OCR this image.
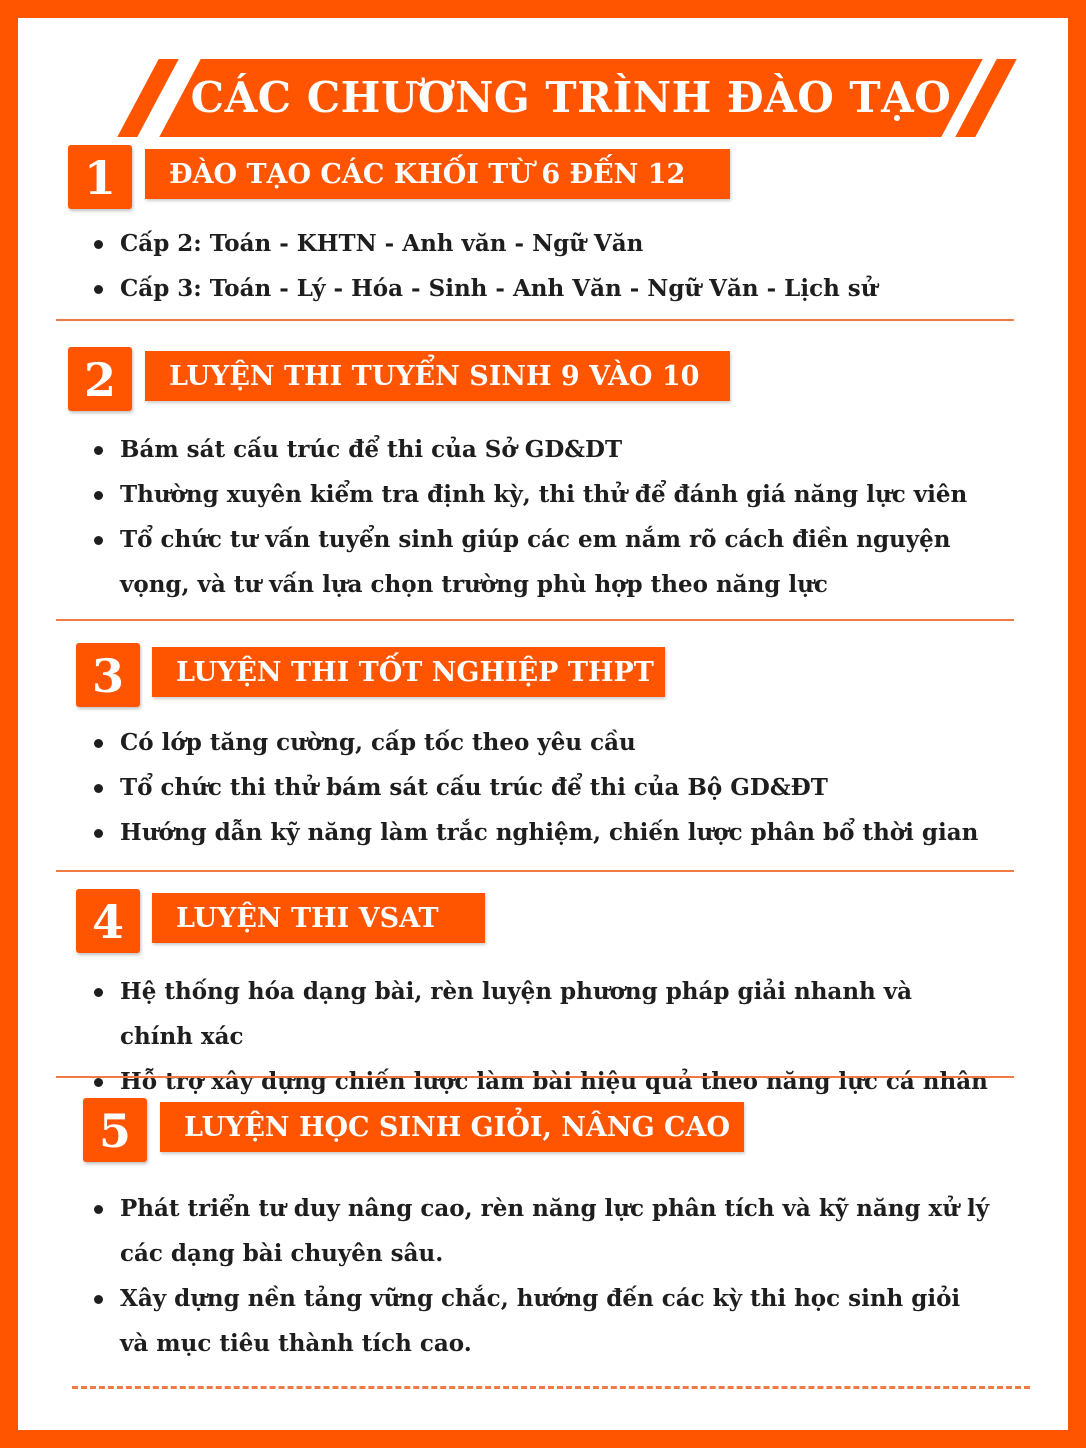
CÁC CHƯƠNG TRÌNH ĐÀO TẠO
1	ĐÀO TẠO CÁC KHỐI TỪ 6 ĐẾN 12
Cấp 2: Toán - KHTN - Anh văn - Ngữ Văn
Cấp 3: Toán - Lý - Hóa - Sinh - Anh Văn - Ngữ Văn - Lịch sử
2	LUYỆN THI TUYỂN SINH 9 VÀO 10
Bám sát cấu trúc để thi của Sở GD&DT
Thường xuyên kiểm tra định kỳ, thi thử để đánh giá năng lực viên
Tổ chức tư vấn tuyển sinh giúp các em nắm rõ cách điền nguyện vọng, và tư vấn lựa chọn trường phù hợp theo năng lực
3	LUYỆN THI TỐT NGHIỆP THPT
Có lớp tăng cường, cấp tốc theo yêu cầu
Tổ chức thi thử bám sát cấu trúc để thi của Bộ GD&ĐT
Hướng dẫn kỹ năng làm trắc nghiệm, chiến lược phân bổ thời gian
4	LUYỆN THI VSAT
Hệ thống hóa dạng bài, rèn luyện phương pháp giải nhanh và chính xác
Hỗ trợ xây dựng chiến lược làm bài hiệu quả theo năng lực cá nhân
5	LUYỆN HỌC SINH GIỎI, NÂNG CAO
Phát triển tư duy nâng cao, rèn năng lực phân tích và kỹ năng xử lý các dạng bài chuyên sâu.
Xây dựng nền tảng vững chắc, hướng đến các kỳ thi học sinh giỏi và mục tiêu thành tích cao.
